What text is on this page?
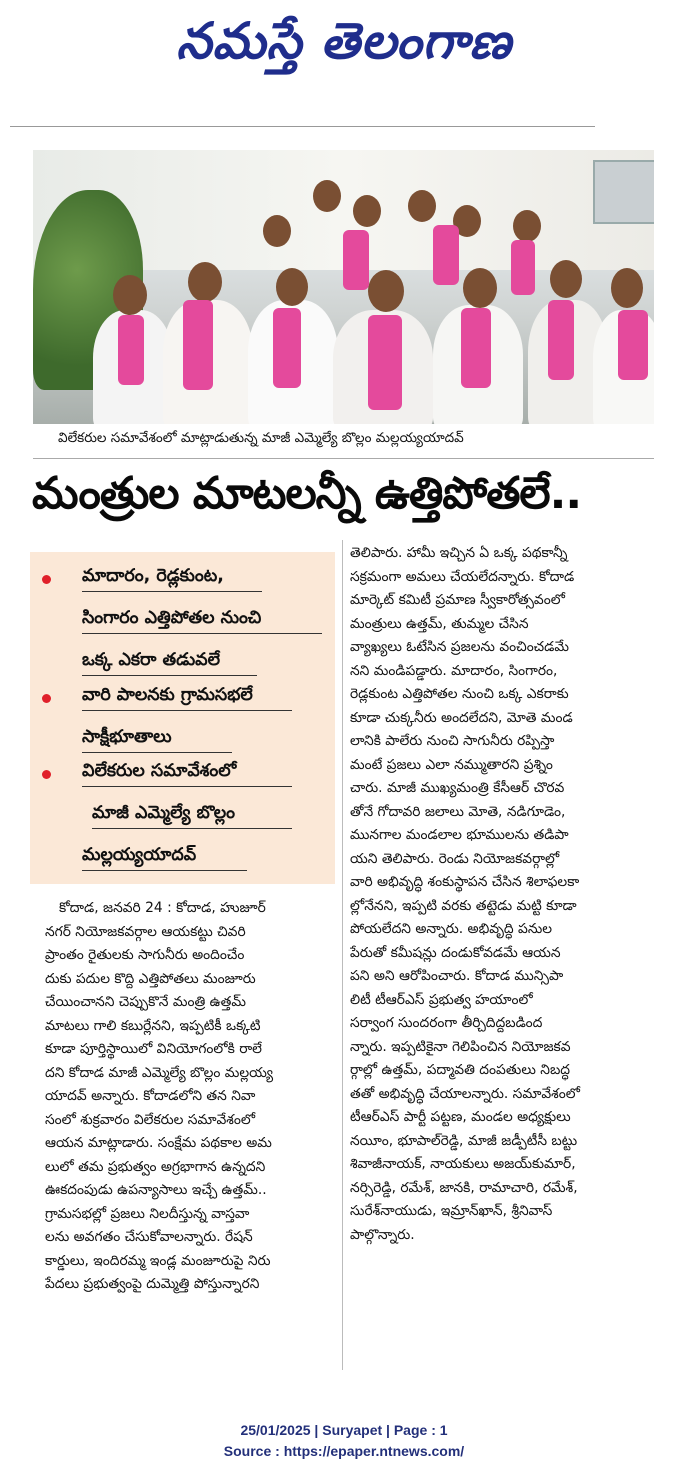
నమస్తే తెలంగాణ
విలేకరుల సమావేశంలో మాట్లాడుతున్న మాజీ ఎమ్మెల్యే బొల్లం మల్లయ్యయాదవ్
మంత్రుల మాటలన్నీ ఉత్తిపోతలే..
మాదారం, రెడ్లకుంట,
సింగారం ఎత్తిపోతల నుంచి
ఒక్క ఎకరా తడువలే
వారి పాలనకు గ్రామసభలే
సాక్షీభూతాలు
విలేకరుల సమావేశంలో
మాజీ ఎమ్మెల్యే బొల్లం
మల్లయ్యయాదవ్
కోదాడ, జనవరి 24 : కోదాడ, హుజూర్
నగర్ నియోజకవర్గాల ఆయకట్టు చివరి
ప్రాంతం రైతులకు సాగునీరు అందించేం
దుకు పదుల కొద్ది ఎత్తిపోతలు మంజూరు
చేయించానని చెప్పుకొనే మంత్రి ఉత్తమ్
మాటలు గాలి కబుర్లేనని, ఇప్పటికీ ఒక్కటి
కూడా పూర్తిస్థాయిలో వినియోగంలోకి రాలే
దని కోదాడ మాజీ ఎమ్మెల్యే బొల్లం మల్లయ్య
యాదవ్ అన్నారు. కోదాడలోని తన నివా
సంలో శుక్రవారం విలేకరుల సమావేశంలో
ఆయన మాట్లాడారు. సంక్షేమ పథకాల అమ
లులో తమ ప్రభుత్వం అగ్రభాగాన ఉన్నదని
ఊకదంపుడు ఉపన్యాసాలు ఇచ్చే ఉత్తమ్..
గ్రామసభల్లో ప్రజలు నిలదీస్తున్న వాస్తవా
లను అవగతం చేసుకోవాలన్నారు. రేషన్
కార్డులు, ఇందిరమ్మ ఇండ్ల మంజూరుపై నిరు
పేదలు ప్రభుత్వంపై దుమ్మెత్తి పోస్తున్నారని
తెలిపారు. హామీ ఇచ్చిన ఏ ఒక్క పథకాన్నీ
సక్రమంగా అమలు చేయలేదన్నారు. కోదాడ
మార్కెట్ కమిటీ ప్రమాణ స్వీకారోత్సవంలో
మంత్రులు ఉత్తమ్, తుమ్మల చేసిన
వ్యాఖ్యలు ఓటేసిన ప్రజలను వంచించడమే
నని మండిపడ్డారు. మాదారం, సింగారం,
రెడ్లకుంట ఎత్తిపోతల నుంచి ఒక్క ఎకరాకు
కూడా చుక్కనీరు అందలేదని, మోతె మండ
లానికి పాలేరు నుంచి సాగునీరు రప్పిస్తా
మంటే ప్రజలు ఎలా నమ్ముతారని ప్రశ్నిం
చారు. మాజీ ముఖ్యమంత్రి కేసీఆర్ చొరవ
తోనే గోదావరి జలాలు మోతె, నడిగూడెం,
మునగాల మండలాల భూములను తడిపా
యని తెలిపారు. రెండు నియోజకవర్గాల్లో
వారి అభివృద్ధి శంకుస్థాపన చేసిన శిలాఫలకా
ల్లోనేనని, ఇప్పటి వరకు తట్టెడు మట్టి కూడా
పోయలేదని అన్నారు. అభివృద్ధి పనుల
పేరుతో కమీషన్లు దండుకోవడమే ఆయన
పని అని ఆరోపించారు. కోదాడ మున్సిపా
లిటీ టీఆర్ఎస్ ప్రభుత్వ హయాంలో
సర్వాంగ సుందరంగా తీర్చిదిద్దబడింద
న్నారు. ఇప్పటికైనా గెలిపించిన నియోజకవ
ర్గాల్లో ఉత్తమ్, పద్మావతి దంపతులు నిబద్ధ
తతో అభివృద్ధి చేయాలన్నారు. సమావేశంలో
టీఆర్ఎస్ పార్టీ పట్టణ, మండల అధ్యక్షులు
నయీం, భూపాల్‌రెడ్డి, మాజీ జడ్పీటీసీ బట్టు
శివాజీనాయక్, నాయకులు అజయ్‌కుమార్,
నర్సిరెడ్డి, రమేశ్, జానకి, రామాచారి, రమేశ్,
సురేశ్‌నాయుడు, ఇమ్రాన్‌ఖాన్, శ్రీనివాస్
పాల్గొన్నారు.
25/01/2025 | Suryapet | Page : 1
Source : https://epaper.ntnews.com/
